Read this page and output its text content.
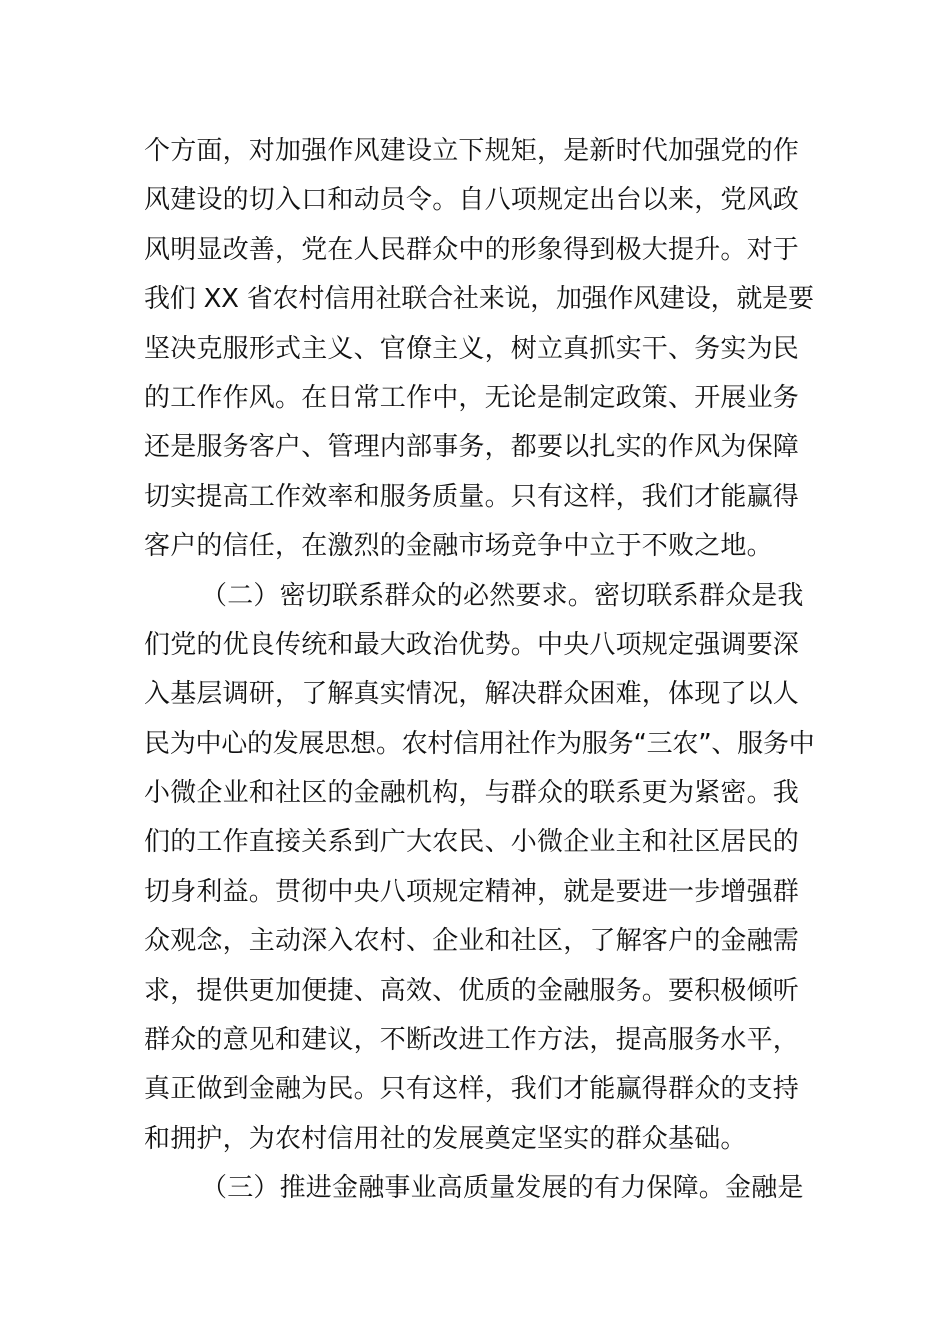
个方面，对加强作风建设立下规矩，是新时代加强党的作
风建设的切入口和动员令。自八项规定出台以来，党风政
风明显改善，党在人民群众中的形象得到极大提升。对于
我们 XX 省农村信用社联合社来说，加强作风建设，就是要
坚决克服形式主义、官僚主义，树立真抓实干、务实为民
的工作作风。在日常工作中，无论是制定政策、开展业务
还是服务客户、管理内部事务，都要以扎实的作风为保障
切实提高工作效率和服务质量。只有这样，我们才能赢得
客户的信任，在激烈的金融市场竞争中立于不败之地。
（二）密切联系群众的必然要求。密切联系群众是我
们党的优良传统和最大政治优势。中央八项规定强调要深
入基层调研，了解真实情况，解决群众困难，体现了以人
民为中心的发展思想。农村信用社作为服务“三农”、服务中
小微企业和社区的金融机构，与群众的联系更为紧密。我
们的工作直接关系到广大农民、小微企业主和社区居民的
切身利益。贯彻中央八项规定精神，就是要进一步增强群
众观念，主动深入农村、企业和社区，了解客户的金融需
求，提供更加便捷、高效、优质的金融服务。要积极倾听
群众的意见和建议，不断改进工作方法，提高服务水平，
真正做到金融为民。只有这样，我们才能赢得群众的支持
和拥护，为农村信用社的发展奠定坚实的群众基础。
（三）推进金融事业高质量发展的有力保障。金融是
